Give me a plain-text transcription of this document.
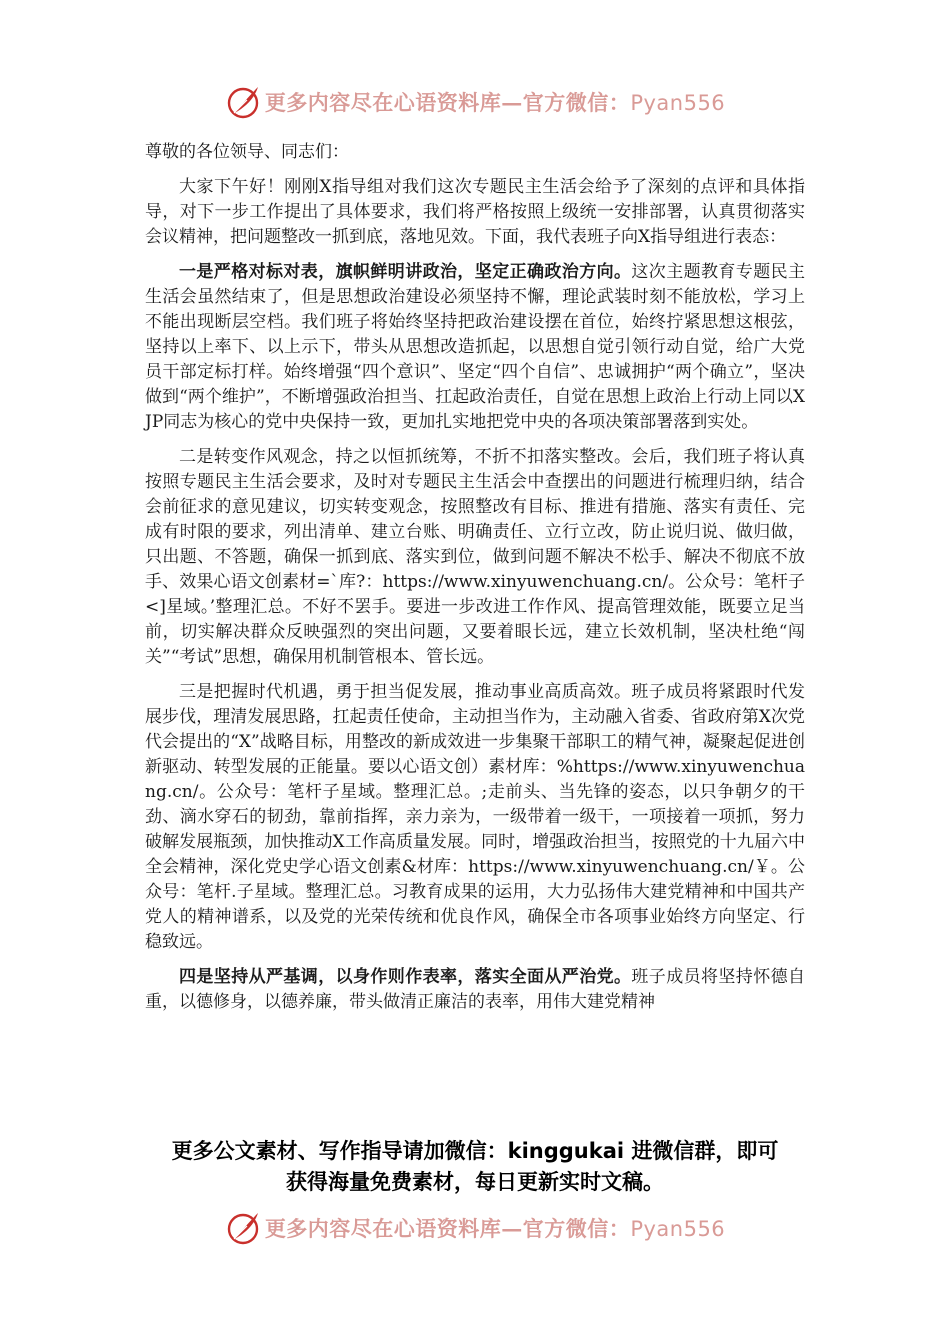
更多内容尽在心语资料库—官方微信：Pyan556

尊敬的各位领导、同志们：

大家下午好！刚刚X指导组对我们这次专题民主生活会给予了深刻的点评和具体指导，对下一步工作提出了具体要求，我们将严格按照上级统一安排部署，认真贯彻落实会议精神，把问题整改一抓到底，落地见效。下面，我代表班子向X指导组进行表态：

一是严格对标对表，旗帜鲜明讲政治，坚定正确政治方向。这次主题教育专题民主生活会虽然结束了，但是思想政治建设必须坚持不懈，理论武装时刻不能放松，学习上不能出现断层空档。我们班子将始终坚持把政治建设摆在首位，始终拧紧思想这根弦，坚持以上率下、以上示下，带头从思想改造抓起，以思想自觉引领行动自觉，给广大党员干部定标打样。始终增强“四个意识”、坚定“四个自信”、忠诚拥护“两个确立”，坚决做到“两个维护”，不断增强政治担当、扛起政治责任，自觉在思想上政治上行动上同以XJP同志为核心的党中央保持一致，更加扎实地把党中央的各项决策部署落到实处。

二是转变作风观念，持之以恒抓统筹，不折不扣落实整改。会后，我们班子将认真按照专题民主生活会要求，及时对专题民主生活会中查摆出的问题进行梳理归纳，结合会前征求的意见建议，切实转变观念，按照整改有目标、推进有措施、落实有责任、完成有时限的要求，列出清单、建立台账、明确责任、立行立改，防止说归说、做归做，只出题、不答题，确保一抓到底、落实到位，做到问题不解决不松手、解决不彻底不放手、效果心语文创素材=`库?：https://www.xinyuwenchuang.cn/。公众号：笔杆子<]星域。’整理汇总。不好不罢手。要进一步改进工作作风、提高管理效能，既要立足当前，切实解决群众反映强烈的突出问题，又要着眼长远，建立长效机制，坚决杜绝“闯关”“考试”思想，确保用机制管根本、管长远。

三是把握时代机遇，勇于担当促发展，推动事业高质高效。班子成员将紧跟时代发展步伐，理清发展思路，扛起责任使命，主动担当作为，主动融入省委、省政府第X次党代会提出的“X”战略目标，用整改的新成效进一步集聚干部职工的精气神，凝聚起促进创新驱动、转型发展的正能量。要以心语文创）素材库：%https://www.xinyuwenchuang.cn/。公众号：笔杆子星域。整理汇总。;走前头、当先锋的姿态，以只争朝夕的干劲、滴水穿石的韧劲，靠前指挥，亲力亲为，一级带着一级干，一项接着一项抓，努力破解发展瓶颈，加快推动X工作高质量发展。同时，增强政治担当，按照党的十九届六中全会精神，深化党史学心语文创素&材库：https://www.xinyuwenchuang.cn/￥。公众号：笔杆.子星域。整理汇总。习教育成果的运用，大力弘扬伟大建党精神和中国共产党人的精神谱系，以及党的光荣传统和优良作风，确保全市各项事业始终方向坚定、行稳致远。

四是坚持从严基调，以身作则作表率，落实全面从严治党。班子成员将坚持怀德自重，以德修身，以德养廉，带头做清正廉洁的表率，用伟大建党精神

更多公文素材、写作指导请加微信：kinggukai 进微信群，即可
获得海量免费素材，每日更新实时文稿。
更多内容尽在心语资料库—官方微信：Pyan556
